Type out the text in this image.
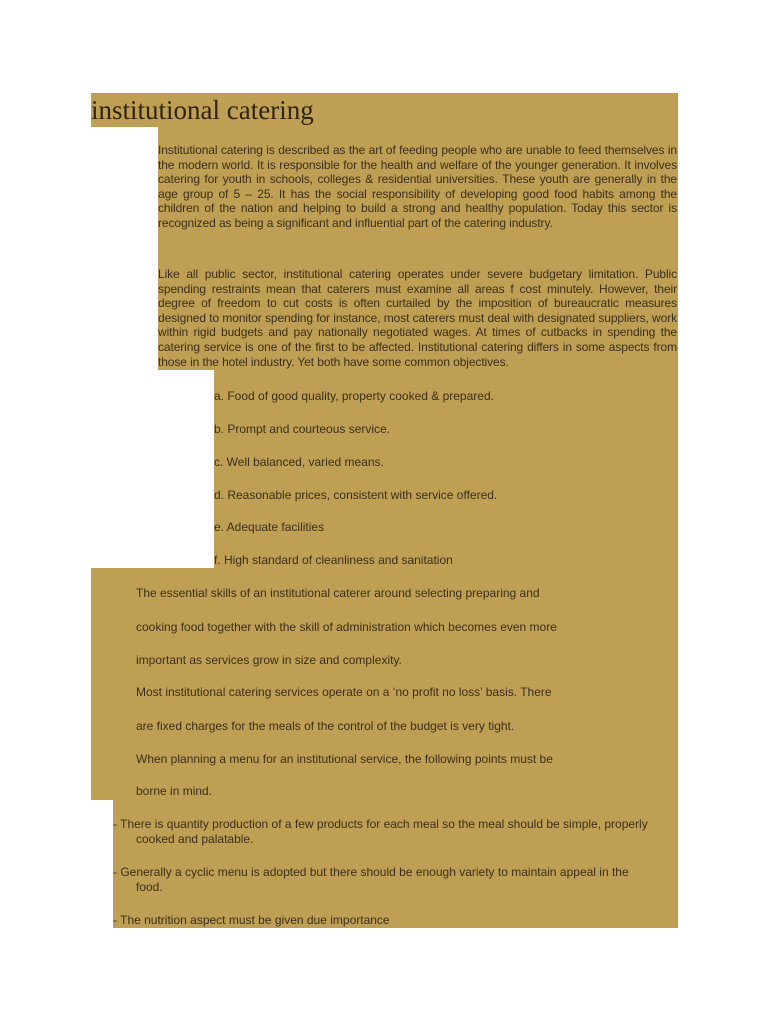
institutional catering
Institutional catering is described as the art of feeding people who are unable to feed themselves in the modern world. It is responsible for the health and welfare of the younger generation. It involves catering for youth in schools, colleges & residential universities. These youth are generally in the age group of 5 – 25. It has the social responsibility of developing good food habits among the children of the nation and helping to build a strong and healthy population. Today this sector is recognized as being a significant and influential part of the catering industry.
Like all public sector, institutional catering operates under severe budgetary limitation. Public spending restraints mean that caterers must examine all areas f cost minutely. However, their degree of freedom to cut costs is often curtailed by the imposition of bureaucratic measures designed to monitor spending for instance, most caterers must deal with designated suppliers, work within rigid budgets and pay nationally negotiated wages. At times of cutbacks in spending the catering service is one of the first to be affected. Institutional catering differs in some aspects from those in the hotel industry. Yet both have some common objectives.
a. Food of good quality, property cooked & prepared.
b. Prompt and courteous service.
c. Well balanced, varied means.
d. Reasonable prices, consistent with service offered.
e. Adequate facilities
f. High standard of cleanliness and sanitation
The essential skills of an institutional caterer around selecting preparing and
cooking food together with the skill of administration which becomes even more
important as services grow in size and complexity.
Most institutional catering services operate on a ‘no profit no loss’ basis. There
are fixed charges for the meals of the control of the budget is very tight.
When planning a menu for an institutional service, the following points must be
borne in mind.
- There is quantity production of a few products for each meal so the meal should be simple, properly
cooked and palatable.
- Generally a cyclic menu is adopted but there should be enough variety to maintain appeal in the
food.
- The nutrition aspect must be given due importance
